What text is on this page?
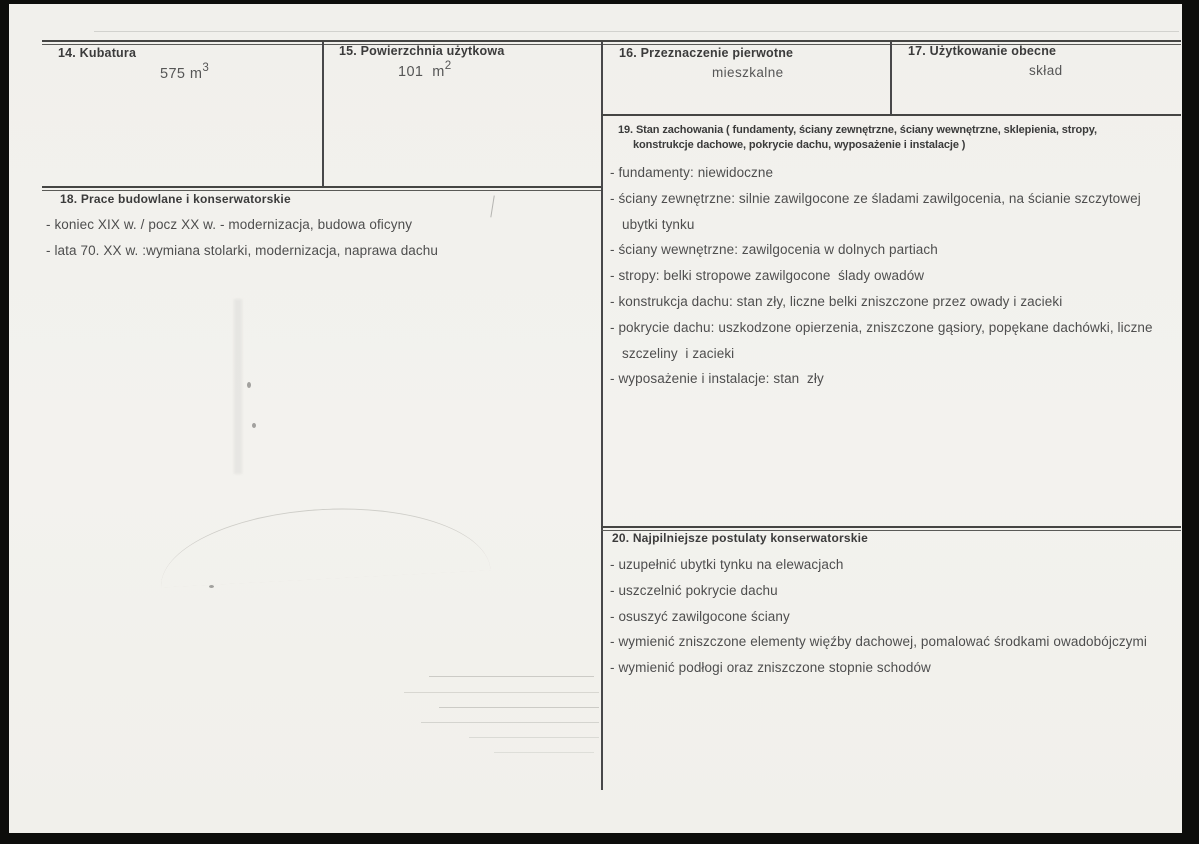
14. Kubatura
575 $m^3$
15. Powierzchnia użytkowa
101  $m^2$
16. Przeznaczenie pierwotne
mieszkalne
17. Użytkowanie obecne
skład
18. Prace budowlane i konserwatorskie
- koniec XIX w. / pocz XX w. - modernizacja, budowa oficyny
- lata 70. XX w. :wymiana stolarki, modernizacja, naprawa dachu
19. Stan zachowania ( fundamenty, ściany zewnętrzne, ściany wewnętrzne, sklepienia, stropy,
konstrukcje dachowe, pokrycie dachu, wyposażenie i instalacje )
- fundamenty: niewidoczne
- ściany zewnętrzne: silnie zawilgocone ze śladami zawilgocenia, na ścianie szczytowej ubytki tynku
- ściany wewnętrzne: zawilgocenia w dolnych partiach
- stropy: belki stropowe zawilgocone  ślady owadów
- konstrukcja dachu: stan zły, liczne belki zniszczone przez owady i zacieki
- pokrycie dachu: uszkodzone opierzenia, zniszczone gąsiory, popękane dachówki, liczne szczeliny  i zacieki
- wyposażenie i instalacje: stan  zły
20. Najpilniejsze postulaty konserwatorskie
- uzupełnić ubytki tynku na elewacjach
- uszczelnić pokrycie dachu
- osuszyć zawilgocone ściany
- wymienić zniszczone elementy więźby dachowej, pomalować środkami owadobójczymi
- wymienić podłogi oraz zniszczone stopnie schodów
